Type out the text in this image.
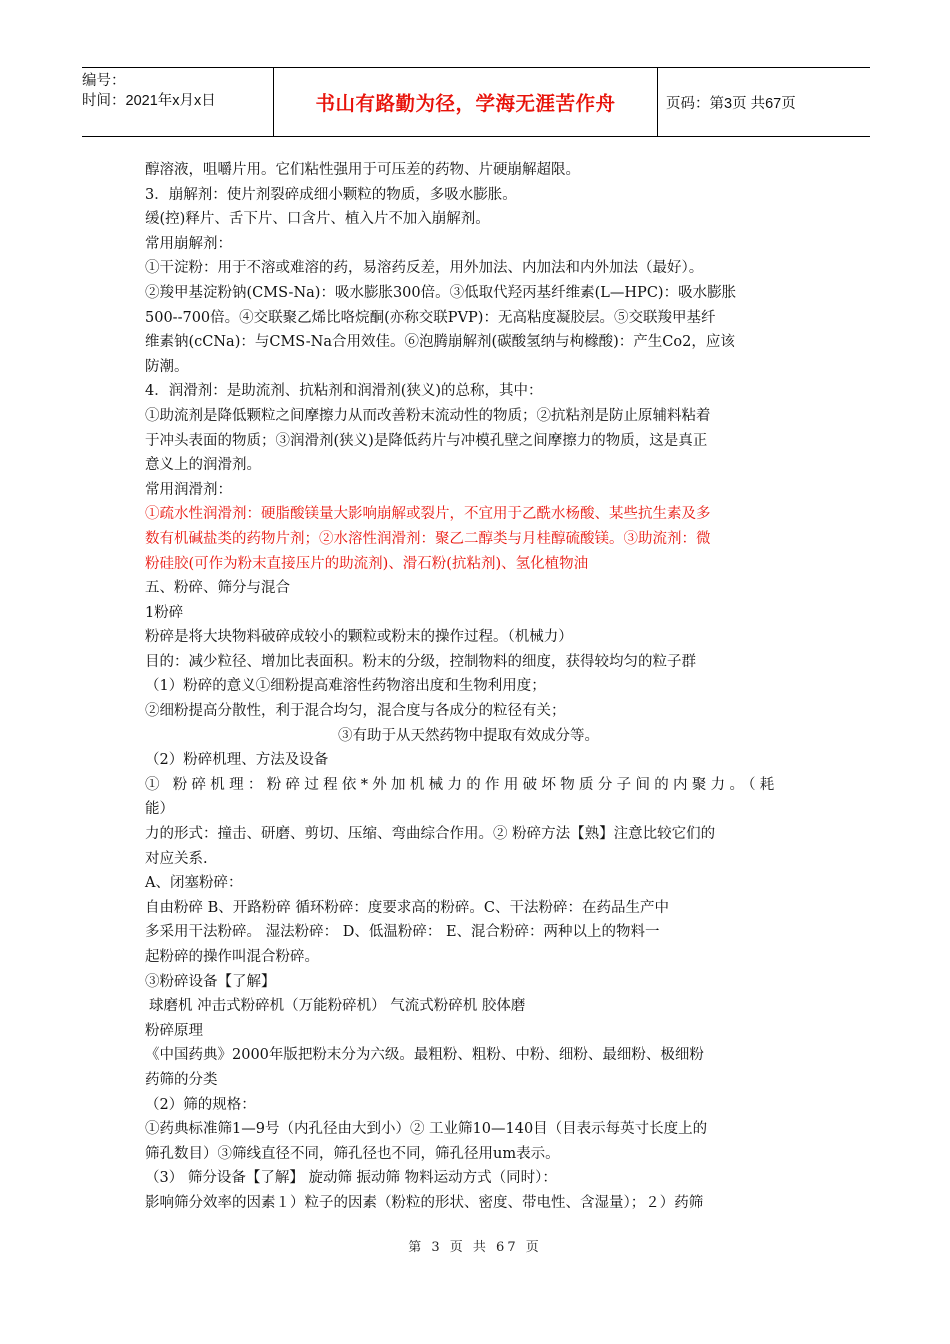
编号：
时间：2021年x月x日	书山有路勤为径，学海无涯苦作舟	页码：第3页 共67页
醇溶液，咀嚼片用。它们粘性强用于可压差的药物、片硬崩解超限。
3．崩解剂：使片剂裂碎成细小颗粒的物质，多吸水膨胀。
缓(控)释片、舌下片、口含片、植入片不加入崩解剂。
常用崩解剂：
①干淀粉：用于不溶或难溶的药，易溶药反差，用外加法、内加法和内外加法（最好）。
②羧甲基淀粉钠(CMS-Na)：吸水膨胀300倍。③低取代羟丙基纤维素(L—HPC)：吸水膨胀
500--700倍。④交联聚乙烯比咯烷酮(亦称交联PVP)：无高粘度凝胶层。⑤交联羧甲基纤
维素钠(cCNa)：与CMS-Na合用效佳。⑥泡腾崩解剂(碳酸氢纳与枸橼酸)：产生Co2，应该
防潮。
4．润滑剂：是助流剂、抗粘剂和润滑剂(狭义)的总称，其中：
①助流剂是降低颗粒之间摩擦力从而改善粉末流动性的物质；②抗粘剂是防止原辅料粘着
于冲头表面的物质；③润滑剂(狭义)是降低药片与冲模孔壁之间摩擦力的物质，这是真正
意义上的润滑剂。
常用润滑剂：
①疏水性润滑剂：硬脂酸镁量大影响崩解或裂片，不宜用于乙酰水杨酸、某些抗生素及多
数有机碱盐类的药物片剂；②水溶性润滑剂：聚乙二醇类与月桂醇硫酸镁。③助流剂：微
粉硅胶(可作为粉末直接压片的助流剂)、滑石粉(抗粘剂)、氢化植物油
五、粉碎、筛分与混合
1粉碎
粉碎是将大块物料破碎成较小的颗粒或粉末的操作过程。（机械力）
目的：减少粒径、增加比表面积。粉末的分级，控制物料的细度，获得较均匀的粒子群
（1）粉碎的意义①细粉提高难溶性药物溶出度和生物利用度；
②细粉提高分散性，利于混合均匀，混合度与各成分的粒径有关；
③有助于从天然药物中提取有效成分等。
（2）粉碎机理、方法及设备
① 粉碎机理：粉碎过程依*外加机械力的作用破坏物质分子间的内聚力。（耗
能）
力的形式：撞击、研磨、剪切、压缩、弯曲综合作用。② 粉碎方法【熟】注意比较它们的
对应关系.
A、闭塞粉碎：
自由粉碎 B、开路粉碎 循环粉碎：度要求高的粉碎。C、干法粉碎：在药品生产中
多采用干法粉碎。 湿法粉碎： D、低温粉碎： E、混合粉碎：两种以上的物料一
起粉碎的操作叫混合粉碎。
③粉碎设备【了解】
球磨机 冲击式粉碎机（万能粉碎机） 气流式粉碎机 胶体磨
粉碎原理
《中国药典》2000年版把粉末分为六级。最粗粉、粗粉、中粉、细粉、最细粉、极细粉
药筛的分类
（2）筛的规格：
①药典标准筛1—9号（内孔径由大到小）② 工业筛10—140目（目表示每英寸长度上的
筛孔数目）③筛线直径不同，筛孔径也不同，筛孔径用um表示。
（3） 筛分设备【了解】 旋动筛 振动筛 物料运动方式（同时）：
影响筛分效率的因素１）粒子的因素（粉粒的形状、密度、带电性、含湿量）；２）药筛
第 3 页 共 67 页
